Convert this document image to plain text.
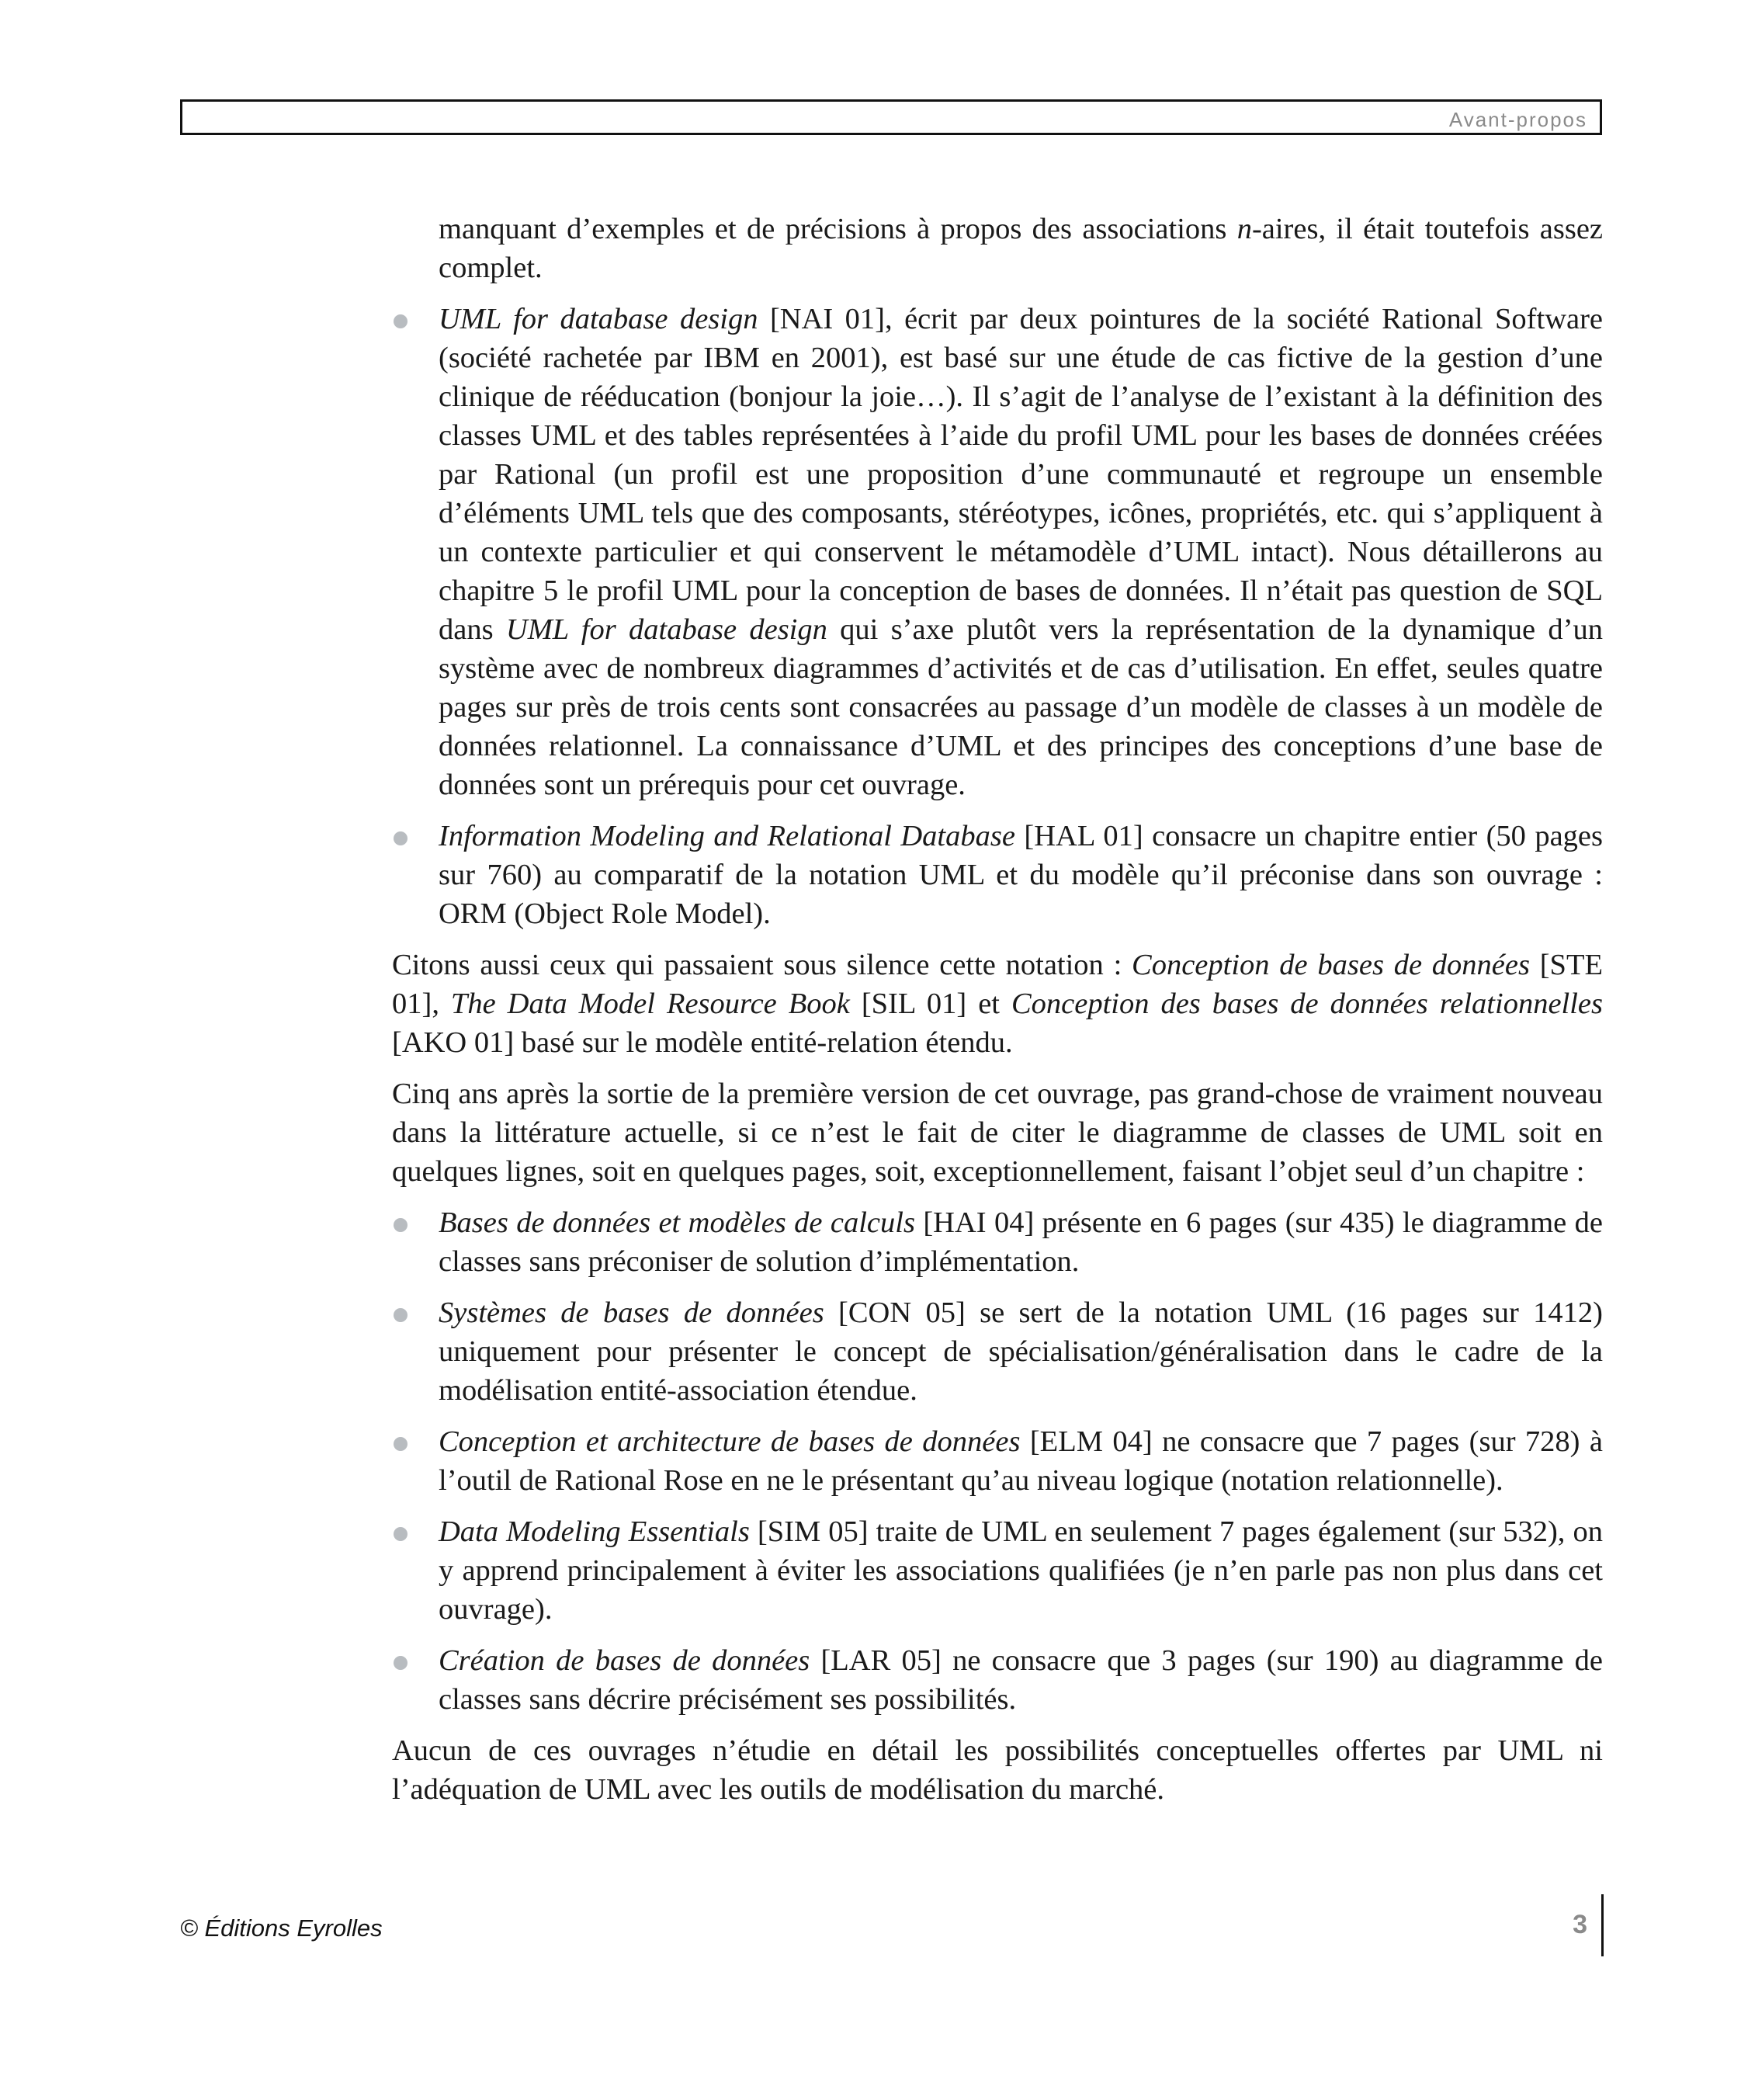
Avant-propos

manquant d’exemples et de précisions à propos des associations n-aires, il était toutefois assez complet.

UML for database design [NAI 01], écrit par deux pointures de la société Rational Software (société rachetée par IBM en 2001), est basé sur une étude de cas fictive de la gestion d’une clinique de rééducation (bonjour la joie…). Il s’agit de l’analyse de l’existant à la définition des classes UML et des tables représentées à l’aide du profil UML pour les bases de données créées par Rational (un profil est une proposition d’une communauté et regroupe un ensemble d’éléments UML tels que des composants, stéréotypes, icônes, propriétés, etc. qui s’appliquent à un contexte particulier et qui conservent le métamodèle d’UML intact). Nous détaillerons au chapitre 5 le profil UML pour la conception de bases de données. Il n’était pas question de SQL dans UML for database design qui s’axe plutôt vers la représentation de la dynamique d’un système avec de nombreux diagrammes d’activités et de cas d’utilisation. En effet, seules quatre pages sur près de trois cents sont consacrées au passage d’un modèle de classes à un modèle de données relationnel. La connaissance d’UML et des principes des conceptions d’une base de données sont un prérequis pour cet ouvrage.
Information Modeling and Relational Database [HAL 01] consacre un chapitre entier (50 pages sur 760) au comparatif de la notation UML et du modèle qu’il préconise dans son ouvrage : ORM (Object Role Model).

Citons aussi ceux qui passaient sous silence cette notation : Conception de bases de données [STE 01], The Data Model Resource Book [SIL 01] et Conception des bases de données relationnelles [AKO 01] basé sur le modèle entité-relation étendu.

Cinq ans après la sortie de la première version de cet ouvrage, pas grand-chose de vraiment nouveau dans la littérature actuelle, si ce n’est le fait de citer le diagramme de classes de UML soit en quelques lignes, soit en quelques pages, soit, exceptionnellement, faisant l’objet seul d’un chapitre :

Bases de données et modèles de calculs [HAI 04] présente en 6 pages (sur 435) le diagramme de classes sans préconiser de solution d’implémentation.
Systèmes de bases de données [CON 05] se sert de la notation UML (16 pages sur 1412) uniquement pour présenter le concept de spécialisation/généralisation dans le cadre de la modélisation entité-association étendue.
Conception et architecture de bases de données [ELM 04] ne consacre que 7 pages (sur 728) à l’outil de Rational Rose en ne le présentant qu’au niveau logique (notation relationnelle).
Data Modeling Essentials [SIM 05] traite de UML en seulement 7 pages également (sur 532), on y apprend principalement à éviter les associations qualifiées (je n’en parle pas non plus dans cet ouvrage).
Création de bases de données [LAR 05] ne consacre que 3 pages (sur 190) au diagramme de classes sans décrire précisément ses possibilités.

Aucun de ces ouvrages n’étudie en détail les possibilités conceptuelles offertes par UML ni l’adéquation de UML avec les outils de modélisation du marché.

© Éditions Eyrolles	3
